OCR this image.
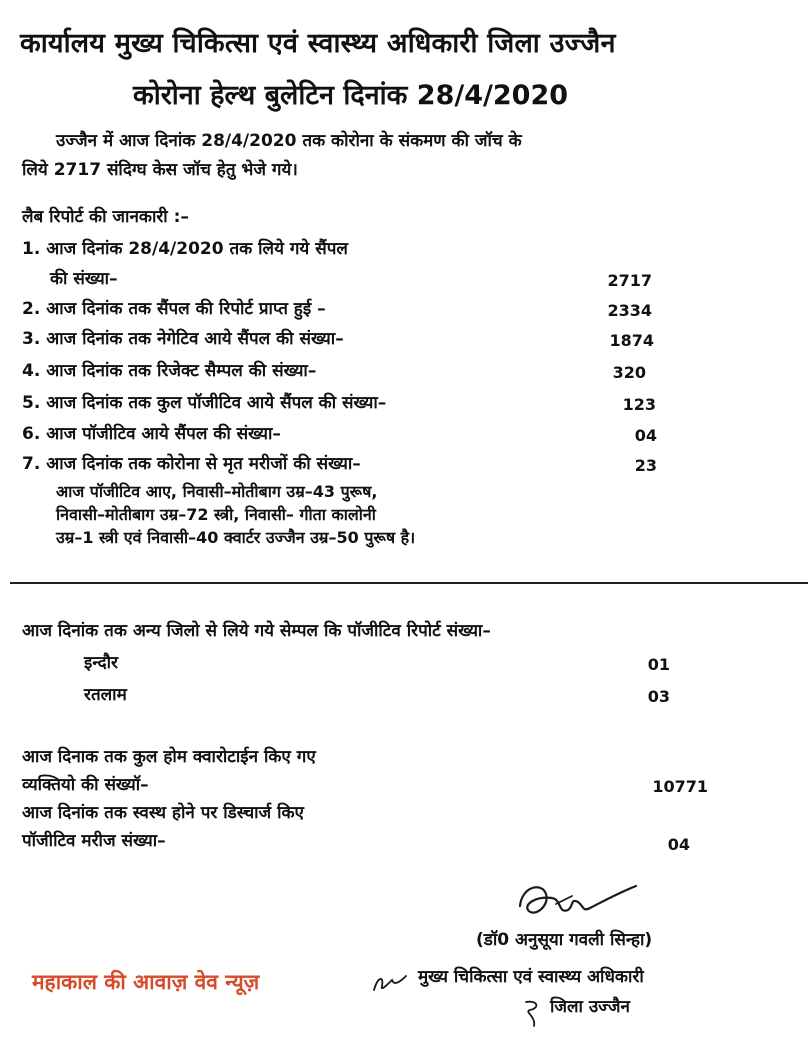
कार्यालय मुख्य चिकित्सा एवं स्वास्थ्य अधिकारी जिला उज्जैन
कोरोना हेल्थ बुलेटिन दिनांक 28/4/2020
उज्जैन में आज दिनांक 28/4/2020 तक कोरोना के संकमण की जॉच के
लिये 2717 संदिग्घ केस जॉच हेतु भेजे गये।
लैब रिपोर्ट की जानकारी :–
1. आज दिनांक 28/4/2020 तक लिये गये सैंपल
की संख्या–	2717
2. आज दिनांक तक सैंपल की रिपोर्ट प्राप्त हुई –	2334
3. आज दिनांक तक नेगेटिव आये सैंपल की संख्या–	1874
4. आज दिनांक तक रिजेक्ट सैम्पल की संख्या–	320
5. आज दिनांक तक कुल पॉजीटिव आये सैंपल की संख्या–	123
6. आज पॉजीटिव आये सैंपल की संख्या–	04
7. आज दिनांक तक कोरोना से मृत मरीजों की संख्या–	23
आज पॉजीटिव आए, निवासी–मोतीबाग उम्र–43 पुरूष,
निवासी–मोतीबाग उम्र–72 स्त्री, निवासी– गीता कालोनी
उम्र–1 स्त्री एवं निवासी–40 क्वार्टर उज्जैन उम्र–50 पुरूष है।
आज दिनांक तक अन्य जिलो से लिये गये सेम्पल कि पॉजीटिव रिपोर्ट संख्या–
इन्दौर	01
रतलाम	03
आज दिनाक तक कुल होम क्वारोटाईन किए गए
व्यक्तियो की संख्यॉ–	10771
आज दिनांक तक स्वस्थ होने पर डिस्चार्ज किए
पॉजीटिव मरीज संख्या–	04
(डॉ0 अनुसूया गवली सिन्हा)
मुख्य चिकित्सा एवं स्वास्थ्य अधिकारी
जिला उज्जैन
महाकाल की आवाज़ वेव न्यूज़
